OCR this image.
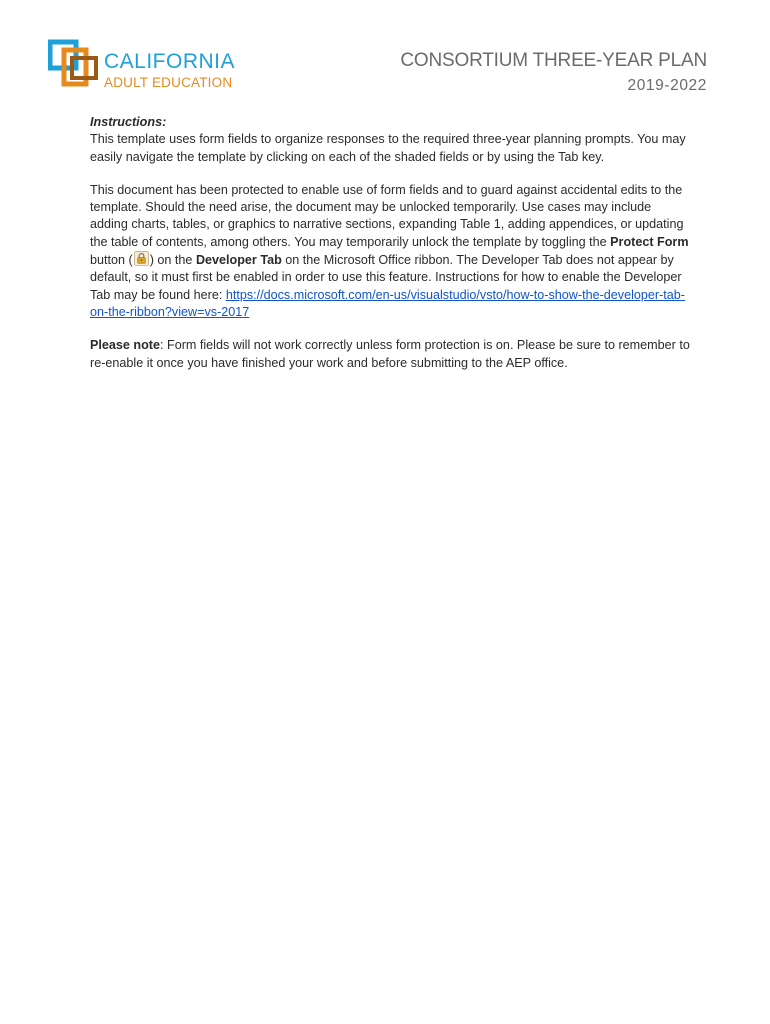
CALIFORNIA
ADULT EDUCATION
CONSORTIUM THREE-YEAR PLAN
2019-2022

Instructions:
This template uses form fields to organize responses to the required three-year planning prompts. You may easily navigate the template by clicking on each of the shaded fields or by using the Tab key.

This document has been protected to enable use of form fields and to guard against accidental edits to the template. Should the need arise, the document may be unlocked temporarily. Use cases may include adding charts, tables, or graphics to narrative sections, expanding Table 1, adding appendices, or updating the table of contents, among others. You may temporarily unlock the template by toggling the Protect Form button ( ) on the Developer Tab on the Microsoft Office ribbon. The Developer Tab does not appear by default, so it must first be enabled in order to use this feature. Instructions for how to enable the Developer Tab may be found here: https://docs.microsoft.com/en-us/visualstudio/vsto/how-to-show-the-developer-tab-on-the-ribbon?view=vs-2017

Please note: Form fields will not work correctly unless form protection is on. Please be sure to remember to re-enable it once you have finished your work and before submitting to the AEP office.
